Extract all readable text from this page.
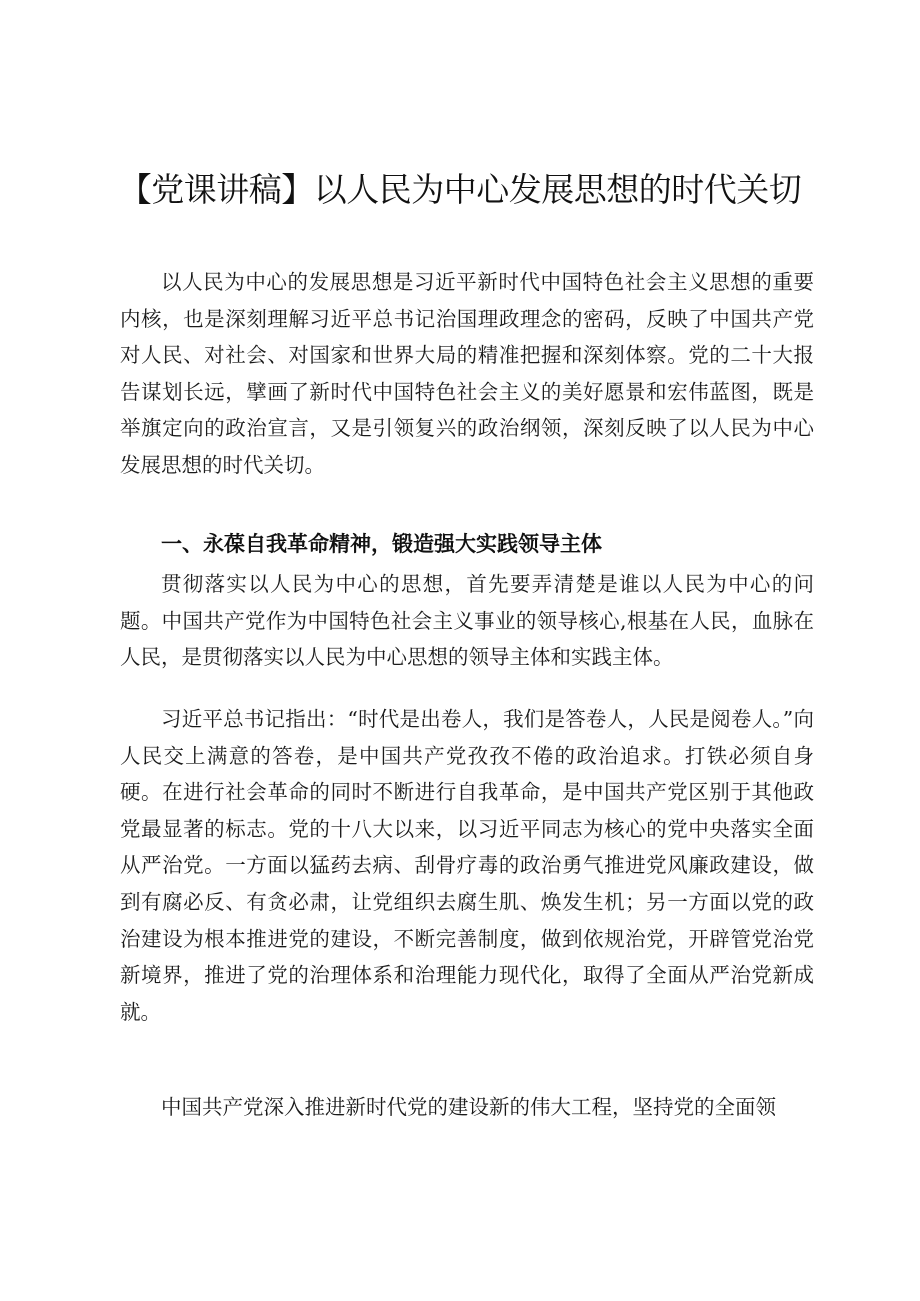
【党课讲稿】以人民为中心发展思想的时代关切

以人民为中心的发展思想是习近平新时代中国特色社会主义思想的重要内核，也是深刻理解习近平总书记治国理政理念的密码，反映了中国共产党对人民、对社会、对国家和世界大局的精准把握和深刻体察。党的二十大报告谋划长远，擘画了新时代中国特色社会主义的美好愿景和宏伟蓝图，既是举旗定向的政治宣言，又是引领复兴的政治纲领，深刻反映了以人民为中心发展思想的时代关切。

一、永葆自我革命精神，锻造强大实践领导主体

贯彻落实以人民为中心的思想，首先要弄清楚是谁以人民为中心的问题。中国共产党作为中国特色社会主义事业的领导核心,根基在人民，血脉在人民，是贯彻落实以人民为中心思想的领导主体和实践主体。

习近平总书记指出：“时代是出卷人，我们是答卷人，人民是阅卷人。”向人民交上满意的答卷，是中国共产党孜孜不倦的政治追求。打铁必须自身硬。在进行社会革命的同时不断进行自我革命，是中国共产党区别于其他政党最显著的标志。党的十八大以来，以习近平同志为核心的党中央落实全面从严治党。一方面以猛药去病、刮骨疗毒的政治勇气推进党风廉政建设，做到有腐必反、有贪必肃，让党组织去腐生肌、焕发生机；另一方面以党的政治建设为根本推进党的建设，不断完善制度，做到依规治党，开辟管党治党新境界，推进了党的治理体系和治理能力现代化，取得了全面从严治党新成就。

中国共产党深入推进新时代党的建设新的伟大工程，坚持党的全面领
